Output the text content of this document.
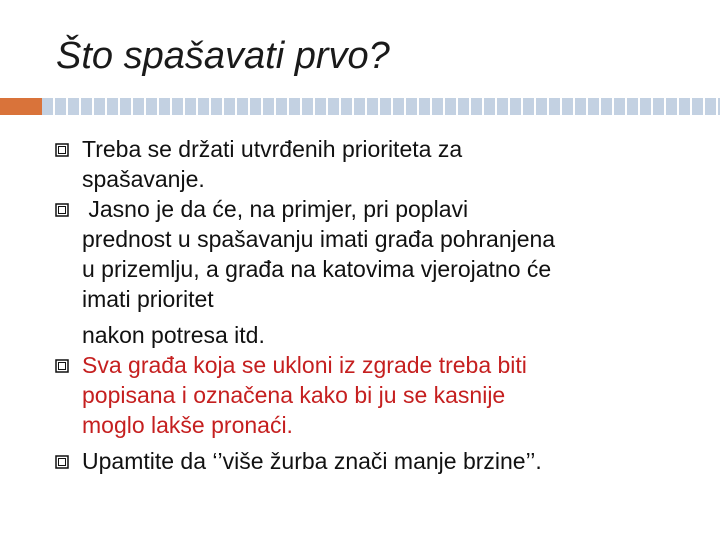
Što spašavati prvo?
Treba se držati utvrđenih prioriteta za
spašavanje.
Jasno je da će, na primjer, pri poplavi
prednost u spašavanju imati građa pohranjena
u prizemlju, a građa na katovima vjerojatno će
imati prioritet
nakon potresa itd.
Sva građa koja se ukloni iz zgrade treba biti
popisana i označena kako bi ju se kasnije
moglo lakše pronaći.
Upamtite da ‘’više žurba znači manje brzine’’.
